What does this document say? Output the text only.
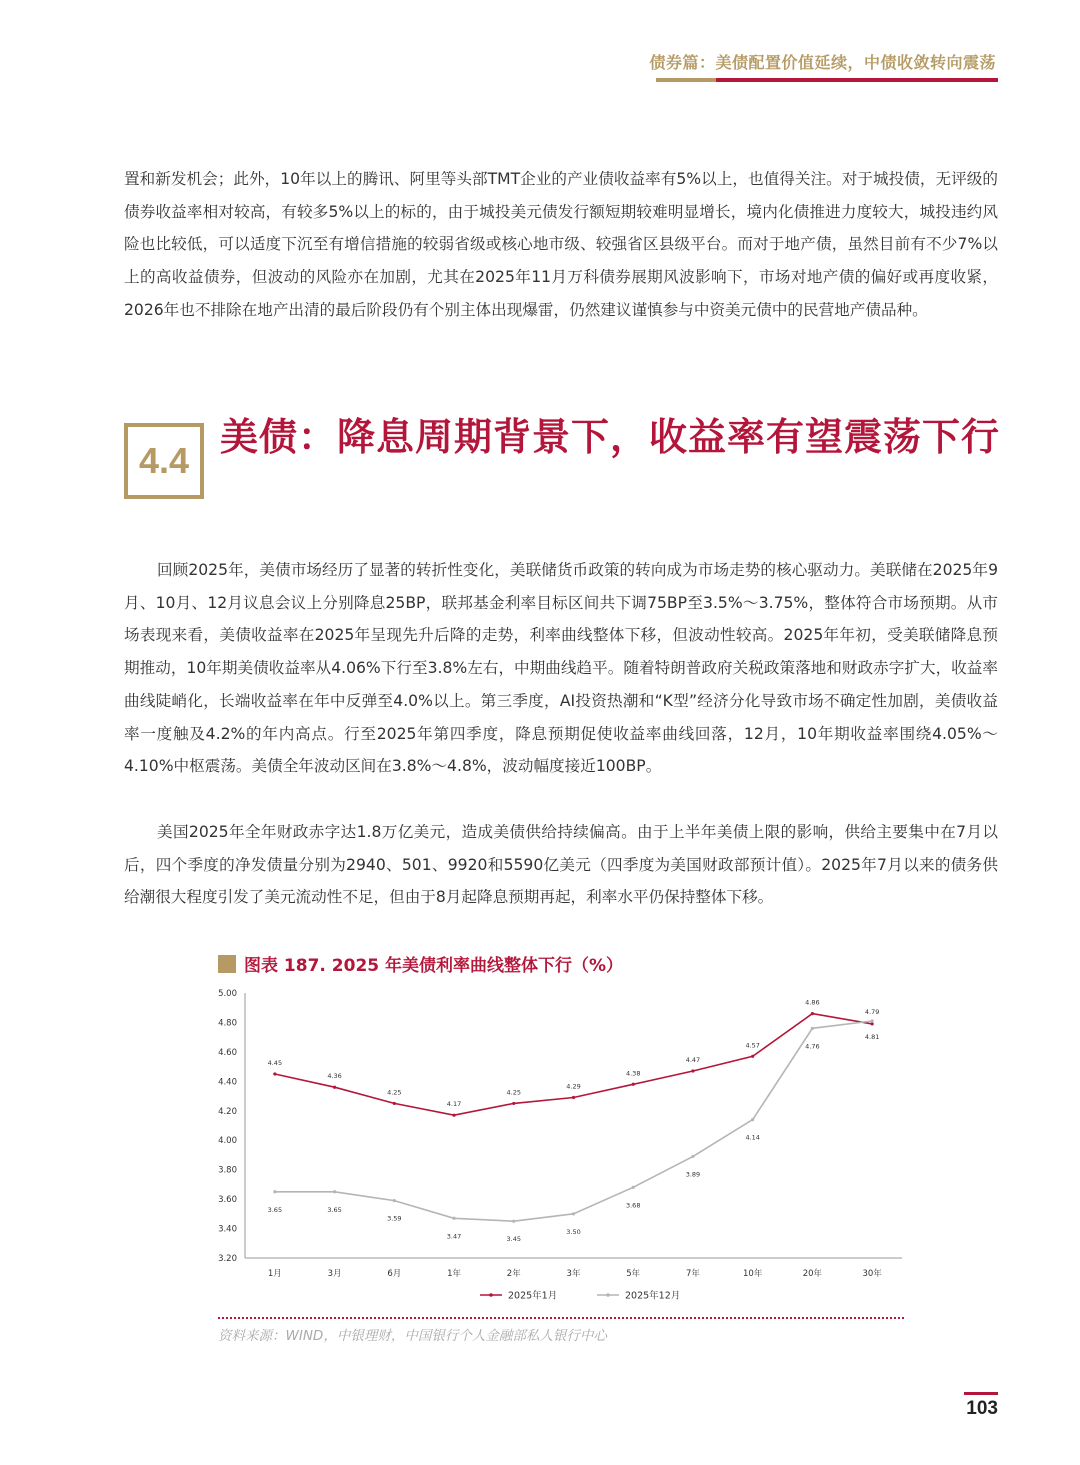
债券篇：美债配置价值延续，中债收敛转向震荡

置和新发机会；此外，10年以上的腾讯、阿里等头部TMT企业的产业债收益率有5%以上，也值得关注。对于城投债，无评级的债券收益率相对较高，有较多5%以上的标的，由于城投美元债发行额短期较难明显增长，境内化债推进力度较大，城投违约风险也比较低，可以适度下沉至有增信措施的较弱省级或核心地市级、较强省区县级平台。而对于地产债，虽然目前有不少7%以上的高收益债券，但波动的风险亦在加剧，尤其在2025年11月万科债券展期风波影响下，市场对地产债的偏好或再度收紧，2026年也不排除在地产出清的最后阶段仍有个别主体出现爆雷，仍然建议谨慎参与中资美元债中的民营地产债品种。

4.4
美债：降息周期背景下，收益率有望震荡下行

回顾2025年，美债市场经历了显著的转折性变化，美联储货币政策的转向成为市场走势的核心驱动力。美联储在2025年9月、10月、12月议息会议上分别降息25BP，联邦基金利率目标区间共下调75BP至3.5%～3.75%，整体符合市场预期。从市场表现来看，美债收益率在2025年呈现先升后降的走势，利率曲线整体下移，但波动性较高。2025年年初，受美联储降息预期推动，10年期美债收益率从4.06%下行至3.8%左右，中期曲线趋平。随着特朗普政府关税政策落地和财政赤字扩大，收益率曲线陡峭化，长端收益率在年中反弹至4.0%以上。第三季度，AI投资热潮和“K型”经济分化导致市场不确定性加剧，美债收益率一度触及4.2%的年内高点。行至2025年第四季度，降息预期促使收益率曲线回落，12月，10年期收益率围绕4.05%～4.10%中枢震荡。美债全年波动区间在3.8%～4.8%，波动幅度接近100BP。

美国2025年全年财政赤字达1.8万亿美元，造成美债供给持续偏高。由于上半年美债上限的影响，供给主要集中在7月以后，四个季度的净发债量分别为2940、501、9920和5590亿美元（四季度为美国财政部预计值）。2025年7月以来的债务供给潮很大程度引发了美元流动性不足，但由于8月起降息预期再起，利率水平仍保持整体下移。

图表 187. 2025 年美债利率曲线整体下行（%）
3.20
3.40
3.60
3.80
4.00
4.20
4.40
4.60
4.80
5.00
1月	3月	6月	1年	2年	3年	5年	7年	10年	20年	30年
4.45
4.36
4.25
4.17
4.25
4.29
4.38
4.47
4.57
4.86
4.79
3.65	3.65
3.59
3.47	3.45
3.50
3.68
3.89
4.14
4.76
4.81
2025年1月	2025年12月
资料来源：WIND，中银理财，中国银行个人金融部私人银行中心
103
